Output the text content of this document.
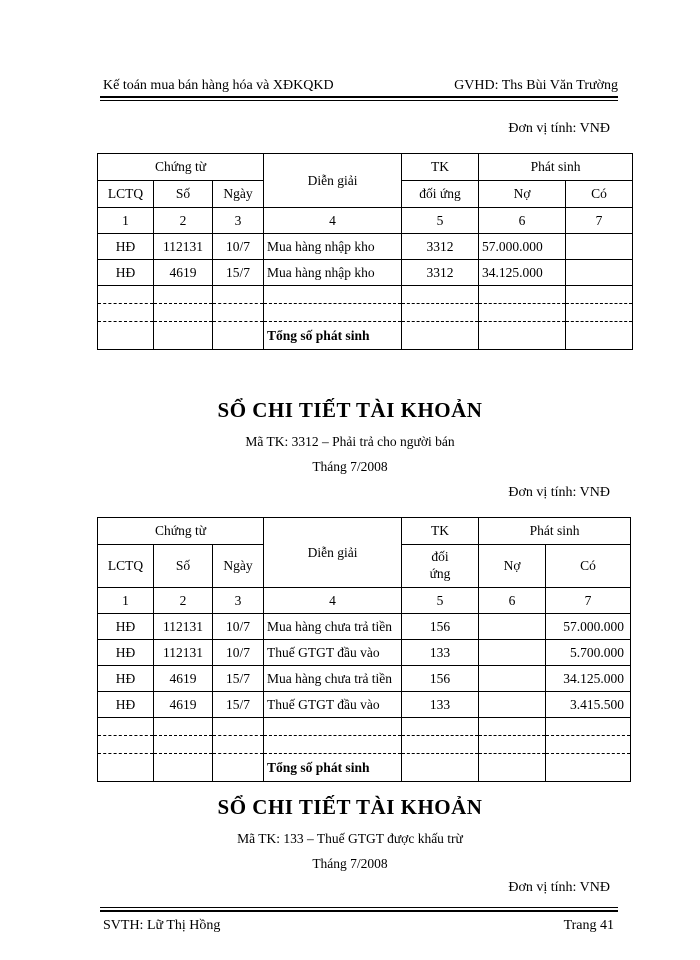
Kế toán mua bán hàng hóa và XĐKQKD	GVHD: Ths Bùi Văn Trường
Đơn vị tính: VNĐ
Chứng từ			Diễn giải	TK	Phát sinh	
LCTQ	Số	Ngày		đối ứng	Nợ	Có
1	2	3	4	5	6	7
HĐ	112131	10/7	Mua hàng nhập kho	3312	57.000.000	
HĐ	4619	15/7	Mua hàng nhập kho	3312	34.125.000	

			Tổng số phát sinh			
SỔ CHI TIẾT TÀI KHOẢN
Mã TK: 3312 – Phải trả cho người bán
Tháng 7/2008
Đơn vị tính: VNĐ
Chứng từ			Diễn giải	TK	Phát sinh	
LCTQ	Số	Ngày		đối
ứng	Nợ	Có
1	2	3	4	5	6	7
HĐ	112131	10/7	Mua hàng chưa trả tiền	156		57.000.000
HĐ	112131	10/7	Thuế GTGT đầu vào	133		5.700.000
HĐ	4619	15/7	Mua hàng chưa trả tiền	156		34.125.000
HĐ	4619	15/7	Thuế GTGT đầu vào	133		3.415.500

			Tổng số phát sinh			
SỔ CHI TIẾT TÀI KHOẢN
Mã TK: 133 – Thuế GTGT được khấu trừ
Tháng 7/2008
Đơn vị tính: VNĐ
SVTH: Lữ Thị Hồng	Trang 41
